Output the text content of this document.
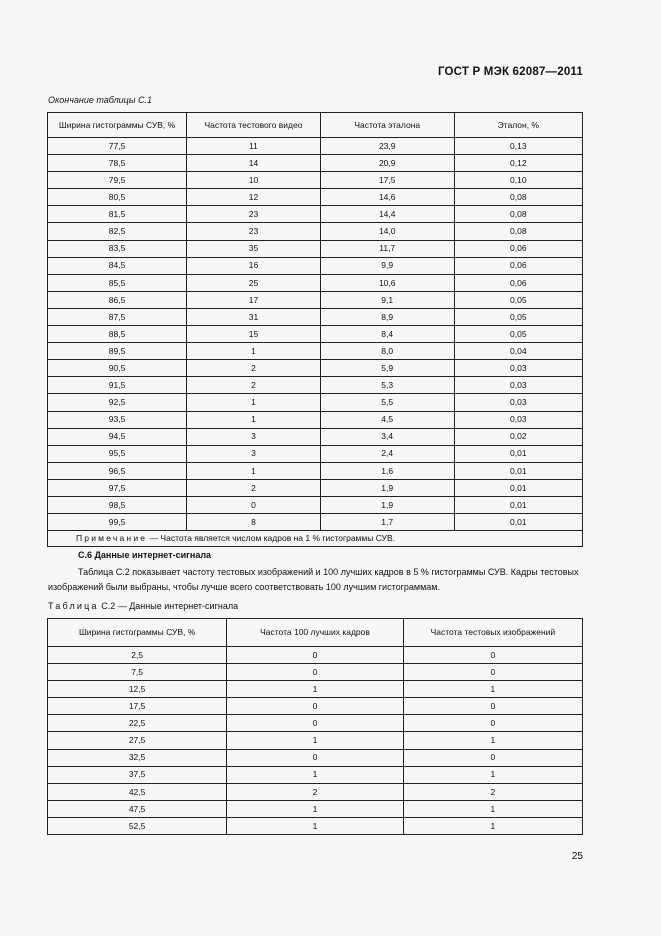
ГОСТ Р МЭК 62087—2011
Окончание таблицы С.1
Ширина гистограммы СУВ, %	Частота тестового видео	Частота эталона	Эталон, %
77,5	11	23,9	0,13
78,5	14	20,9	0,12
79,5	10	17,5	0,10
80,5	12	14,6	0,08
81,5	23	14,4	0,08
82,5	23	14,0	0,08
83,5	35	11,7	0,06
84,5	16	9,9	0,06
85,5	25	10,6	0,06
86,5	17	9,1	0,05
87,5	31	8,9	0,05
88,5	15	8,4	0,05
89,5	1	8,0	0,04
90,5	2	5,9	0,03
91,5	2	5,3	0,03
92,5	1	5,5	0,03
93,5	1	4,5	0,03
94,5	3	3,4	0,02
95,5	3	2,4	0,01
96,5	1	1,6	0,01
97,5	2	1,9	0,01
98,5	0	1,9	0,01
99,5	8	1,7	0,01
Примечание — Частота является числом кадров на 1 % гистограммы СУВ.			
С.6 Данные интернет-сигнала
Таблица С.2 показывает частоту тестовых изображений и 100 лучших кадров в 5 % гистограммы СУВ. Кадры тестовых изображений были выбраны, чтобы лучше всего соответствовать 100 лучшим гистограммам.
Таблица С.2 — Данные интернет-сигнала
Ширина гистограммы СУВ, %	Частота 100 лучших кадров	Частота тестовых изображений
2,5	0	0
7,5	0	0
12,5	1	1
17,5	0	0
22,5	0	0
27,5	1	1
32,5	0	0
37,5	1	1
42,5	2	2
47,5	1	1
52,5	1	1
25
